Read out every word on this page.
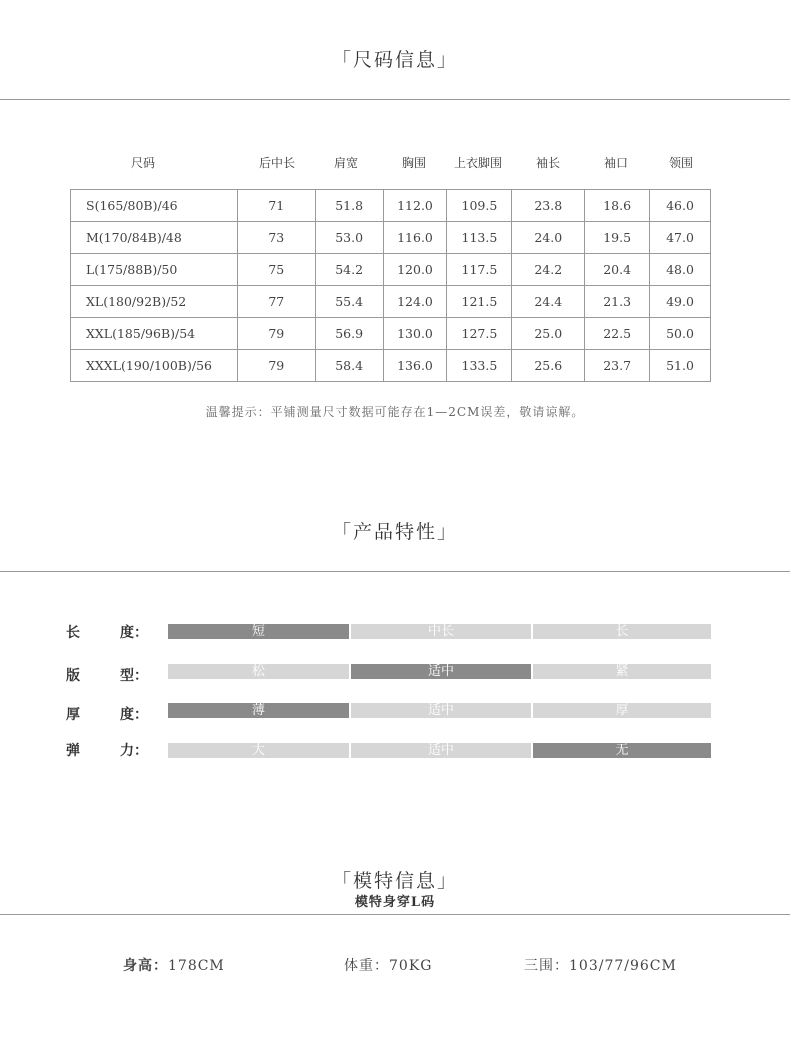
「尺码信息」
尺码	后中长	肩宽	胸围	上衣脚围	袖长	袖口	领围
S(165/80B)/46	71	51.8	112.0	109.5	23.8	18.6	46.0
M(170/84B)/48	73	53.0	116.0	113.5	24.0	19.5	47.0
L(175/88B)/50	75	54.2	120.0	117.5	24.2	20.4	48.0
XL(180/92B)/52	77	55.4	124.0	121.5	24.4	21.3	49.0
XXL(185/96B)/54	79	56.9	130.0	127.5	25.0	22.5	50.0
XXXL(190/100B)/56	79	58.4	136.0	133.5	25.6	23.7	51.0
温馨提示：平铺测量尺寸数据可能存在1—2CM误差，敬请谅解。
「产品特性」
长	度：	短	中长	长
版	型：	松	适中	紧
厚	度：	薄	适中	厚
弹	力：	大	适中	无
「模特信息」
模特身穿L码
身高：178CM	体重：70KG	三围：103/77/96CM
